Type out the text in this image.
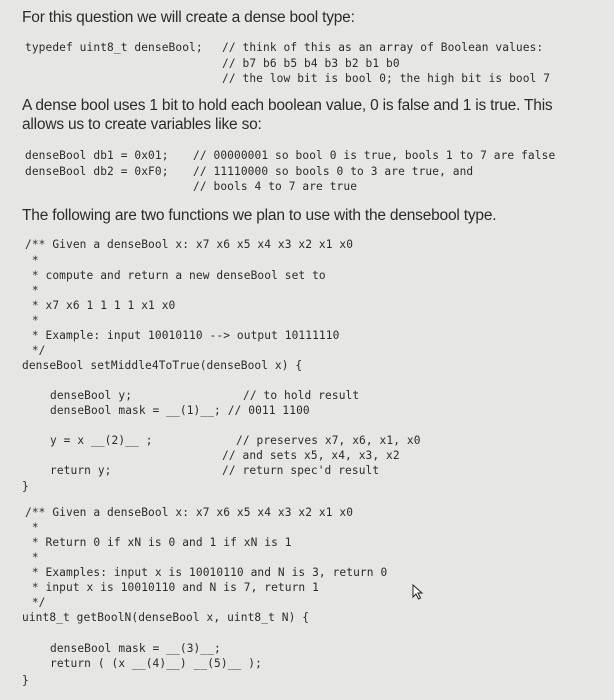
For this question we will create a dense bool type:
typedef uint8_t denseBool; // think of this as an array of Boolean values:
// b7 b6 b5 b4 b3 b2 b1 b0
// the low bit is bool 0; the high bit is bool 7
A dense bool uses 1 bit to hold each boolean value, 0 is false and 1 is true. This
allows us to create variables like so:
denseBool db1 = 0x01; // 00000001 so bool 0 is true, bools 1 to 7 are false
denseBool db2 = 0xF0; // 11110000 so bools 0 to 3 are true, and
// bools 4 to 7 are true
The following are two functions we plan to use with the densebool type.
/** Given a denseBool x: x7 x6 x5 x4 x3 x2 x1 x0
*
* compute and return a new denseBool set to
*
* x7 x6 1 1 1 1 x1 x0
*
* Example: input 10010110 --> output 10111110
*/
denseBool setMiddle4ToTrue(denseBool x) {
denseBool y;	// to hold result
denseBool mask = __(1)__; // 0011 1100
y = x __(2)__ ;	// preserves x7, x6, x1, x0
// and sets x5, x4, x3, x2
return y;	// return spec'd result
}
/** Given a denseBool x: x7 x6 x5 x4 x3 x2 x1 x0
*
* Return 0 if xN is 0 and 1 if xN is 1
*
* Examples: input x is 10010110 and N is 3, return 0
* input x is 10010110 and N is 7, return 1
*/
uint8_t getBoolN(denseBool x, uint8_t N) {
denseBool mask = __(3)__;
return ( (x __(4)__) __(5)__ );
}
